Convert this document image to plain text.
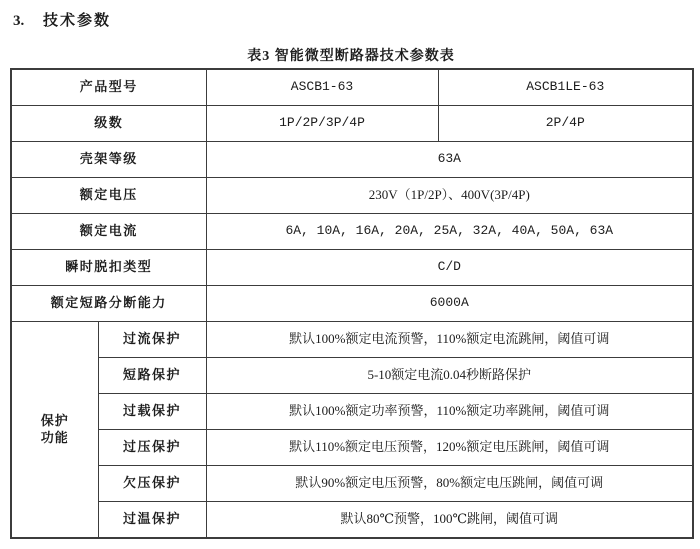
3. 技术参数
表3 智能微型断路器技术参数表
产品型号		ASCB1-63	ASCB1LE-63
级数		1P/2P/3P/4P	2P/4P
壳架等级		63A	
额定电压		230V（1P/2P）、400V(3P/4P)	
额定电流		6A, 10A, 16A, 20A, 25A, 32A, 40A, 50A, 63A	
瞬时脱扣类型		C/D	
额定短路分断能力		6000A	
保护
功能	过流保护	默认100%额定电流预警，110%额定电流跳闸，阈值可调	
	短路保护	5-10额定电流0.04秒断路保护	
	过载保护	默认100%额定功率预警，110%额定功率跳闸，阈值可调	
	过压保护	默认110%额定电压预警，120%额定电压跳闸，阈值可调	
	欠压保护	默认90%额定电压预警，80%额定电压跳闸，阈值可调	
	过温保护	默认80℃预警，100℃跳闸，阈值可调	
